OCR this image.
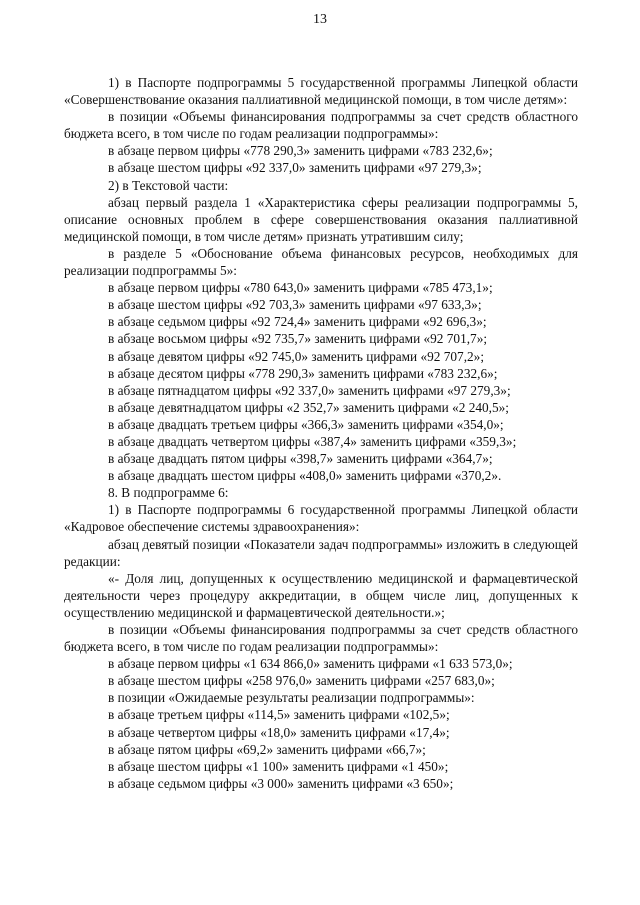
13

1) в Паспорте подпрограммы 5 государственной программы Липецкой области «Совершенствование оказания паллиативной медицинской помощи, в том числе детям»:

в позиции «Объемы финансирования подпрограммы за счет средств областного бюджета всего, в том числе по годам реализации подпрограммы»:

в абзаце первом цифры «778 290,3» заменить цифрами «783 232,6»;

в абзаце шестом цифры «92 337,0» заменить цифрами «97 279,3»;

2) в Текстовой части:

абзац первый раздела 1 «Характеристика сферы реализации подпрограммы 5, описание основных проблем в сфере совершенствования оказания паллиативной медицинской помощи, в том числе детям» признать утратившим силу;

в разделе 5 «Обоснование объема финансовых ресурсов, необходимых для реализации подпрограммы 5»:

в абзаце первом цифры «780 643,0» заменить цифрами «785 473,1»;

в абзаце шестом цифры «92 703,3» заменить цифрами «97 633,3»;

в абзаце седьмом цифры «92 724,4» заменить цифрами «92 696,3»;

в абзаце восьмом цифры «92 735,7» заменить цифрами «92 701,7»;

в абзаце девятом цифры «92 745,0» заменить цифрами «92 707,2»;

в абзаце десятом цифры «778 290,3» заменить цифрами «783 232,6»;

в абзаце пятнадцатом цифры «92 337,0» заменить цифрами «97 279,3»;

в абзаце девятнадцатом цифры «2 352,7» заменить цифрами «2 240,5»;

в абзаце двадцать третьем цифры «366,3» заменить цифрами «354,0»;

в абзаце двадцать четвертом цифры «387,4» заменить цифрами «359,3»;

в абзаце двадцать пятом цифры «398,7» заменить цифрами «364,7»;

в абзаце двадцать шестом цифры «408,0» заменить цифрами «370,2».

8. В подпрограмме 6:

1) в Паспорте подпрограммы 6 государственной программы Липецкой области «Кадровое обеспечение системы здравоохранения»:

абзац девятый позиции «Показатели задач подпрограммы» изложить в следующей редакции:

«- Доля лиц, допущенных к осуществлению медицинской и фармацевтической деятельности через процедуру аккредитации, в общем числе лиц, допущенных к осуществлению медицинской и фармацевтической деятельности.»;

в позиции «Объемы финансирования подпрограммы за счет средств областного бюджета всего, в том числе по годам реализации подпрограммы»:

в абзаце первом цифры «1 634 866,0» заменить цифрами «1 633 573,0»;

в абзаце шестом цифры «258 976,0» заменить цифрами «257 683,0»;

в позиции «Ожидаемые результаты реализации подпрограммы»:

в абзаце третьем цифры «114,5» заменить цифрами «102,5»;

в абзаце четвертом цифры «18,0» заменить цифрами «17,4»;

в абзаце пятом цифры «69,2» заменить цифрами «66,7»;

в абзаце шестом цифры «1 100» заменить цифрами «1 450»;

в абзаце седьмом цифры «3 000» заменить цифрами «3 650»;
